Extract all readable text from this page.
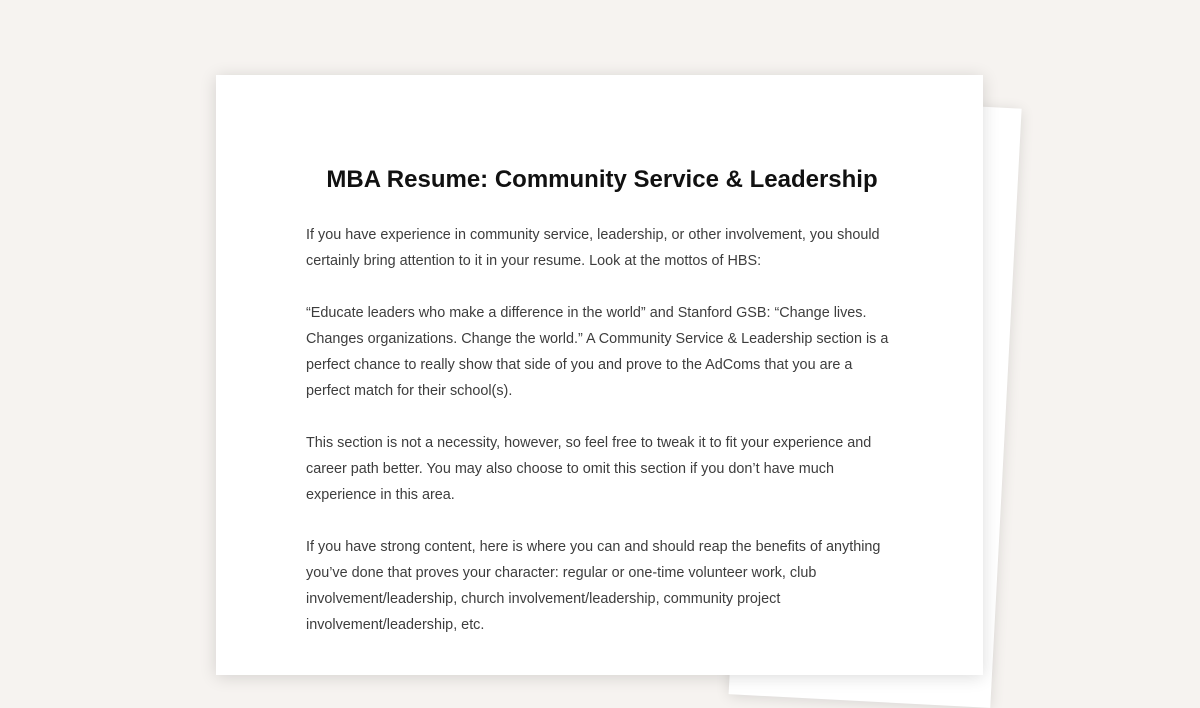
MBA Resume: Community Service & Leadership

If you have experience in community service, leadership, or other involvement, you should certainly bring attention to it in your resume. Look at the mottos of HBS:

“Educate leaders who make a difference in the world” and Stanford GSB: “Change lives. Changes organizations. Change the world.” A Community Service & Leadership section is a perfect chance to really show that side of you and prove to the AdComs that you are a perfect match for their school(s).

This section is not a necessity, however, so feel free to tweak it to fit your experience and career path better. You may also choose to omit this section if you don’t have much experience in this area.

If you have strong content, here is where you can and should reap the benefits of anything you’ve done that proves your character: regular or one-time volunteer work, club involvement/leadership, church involvement/leadership, community project involvement/leadership, etc.
